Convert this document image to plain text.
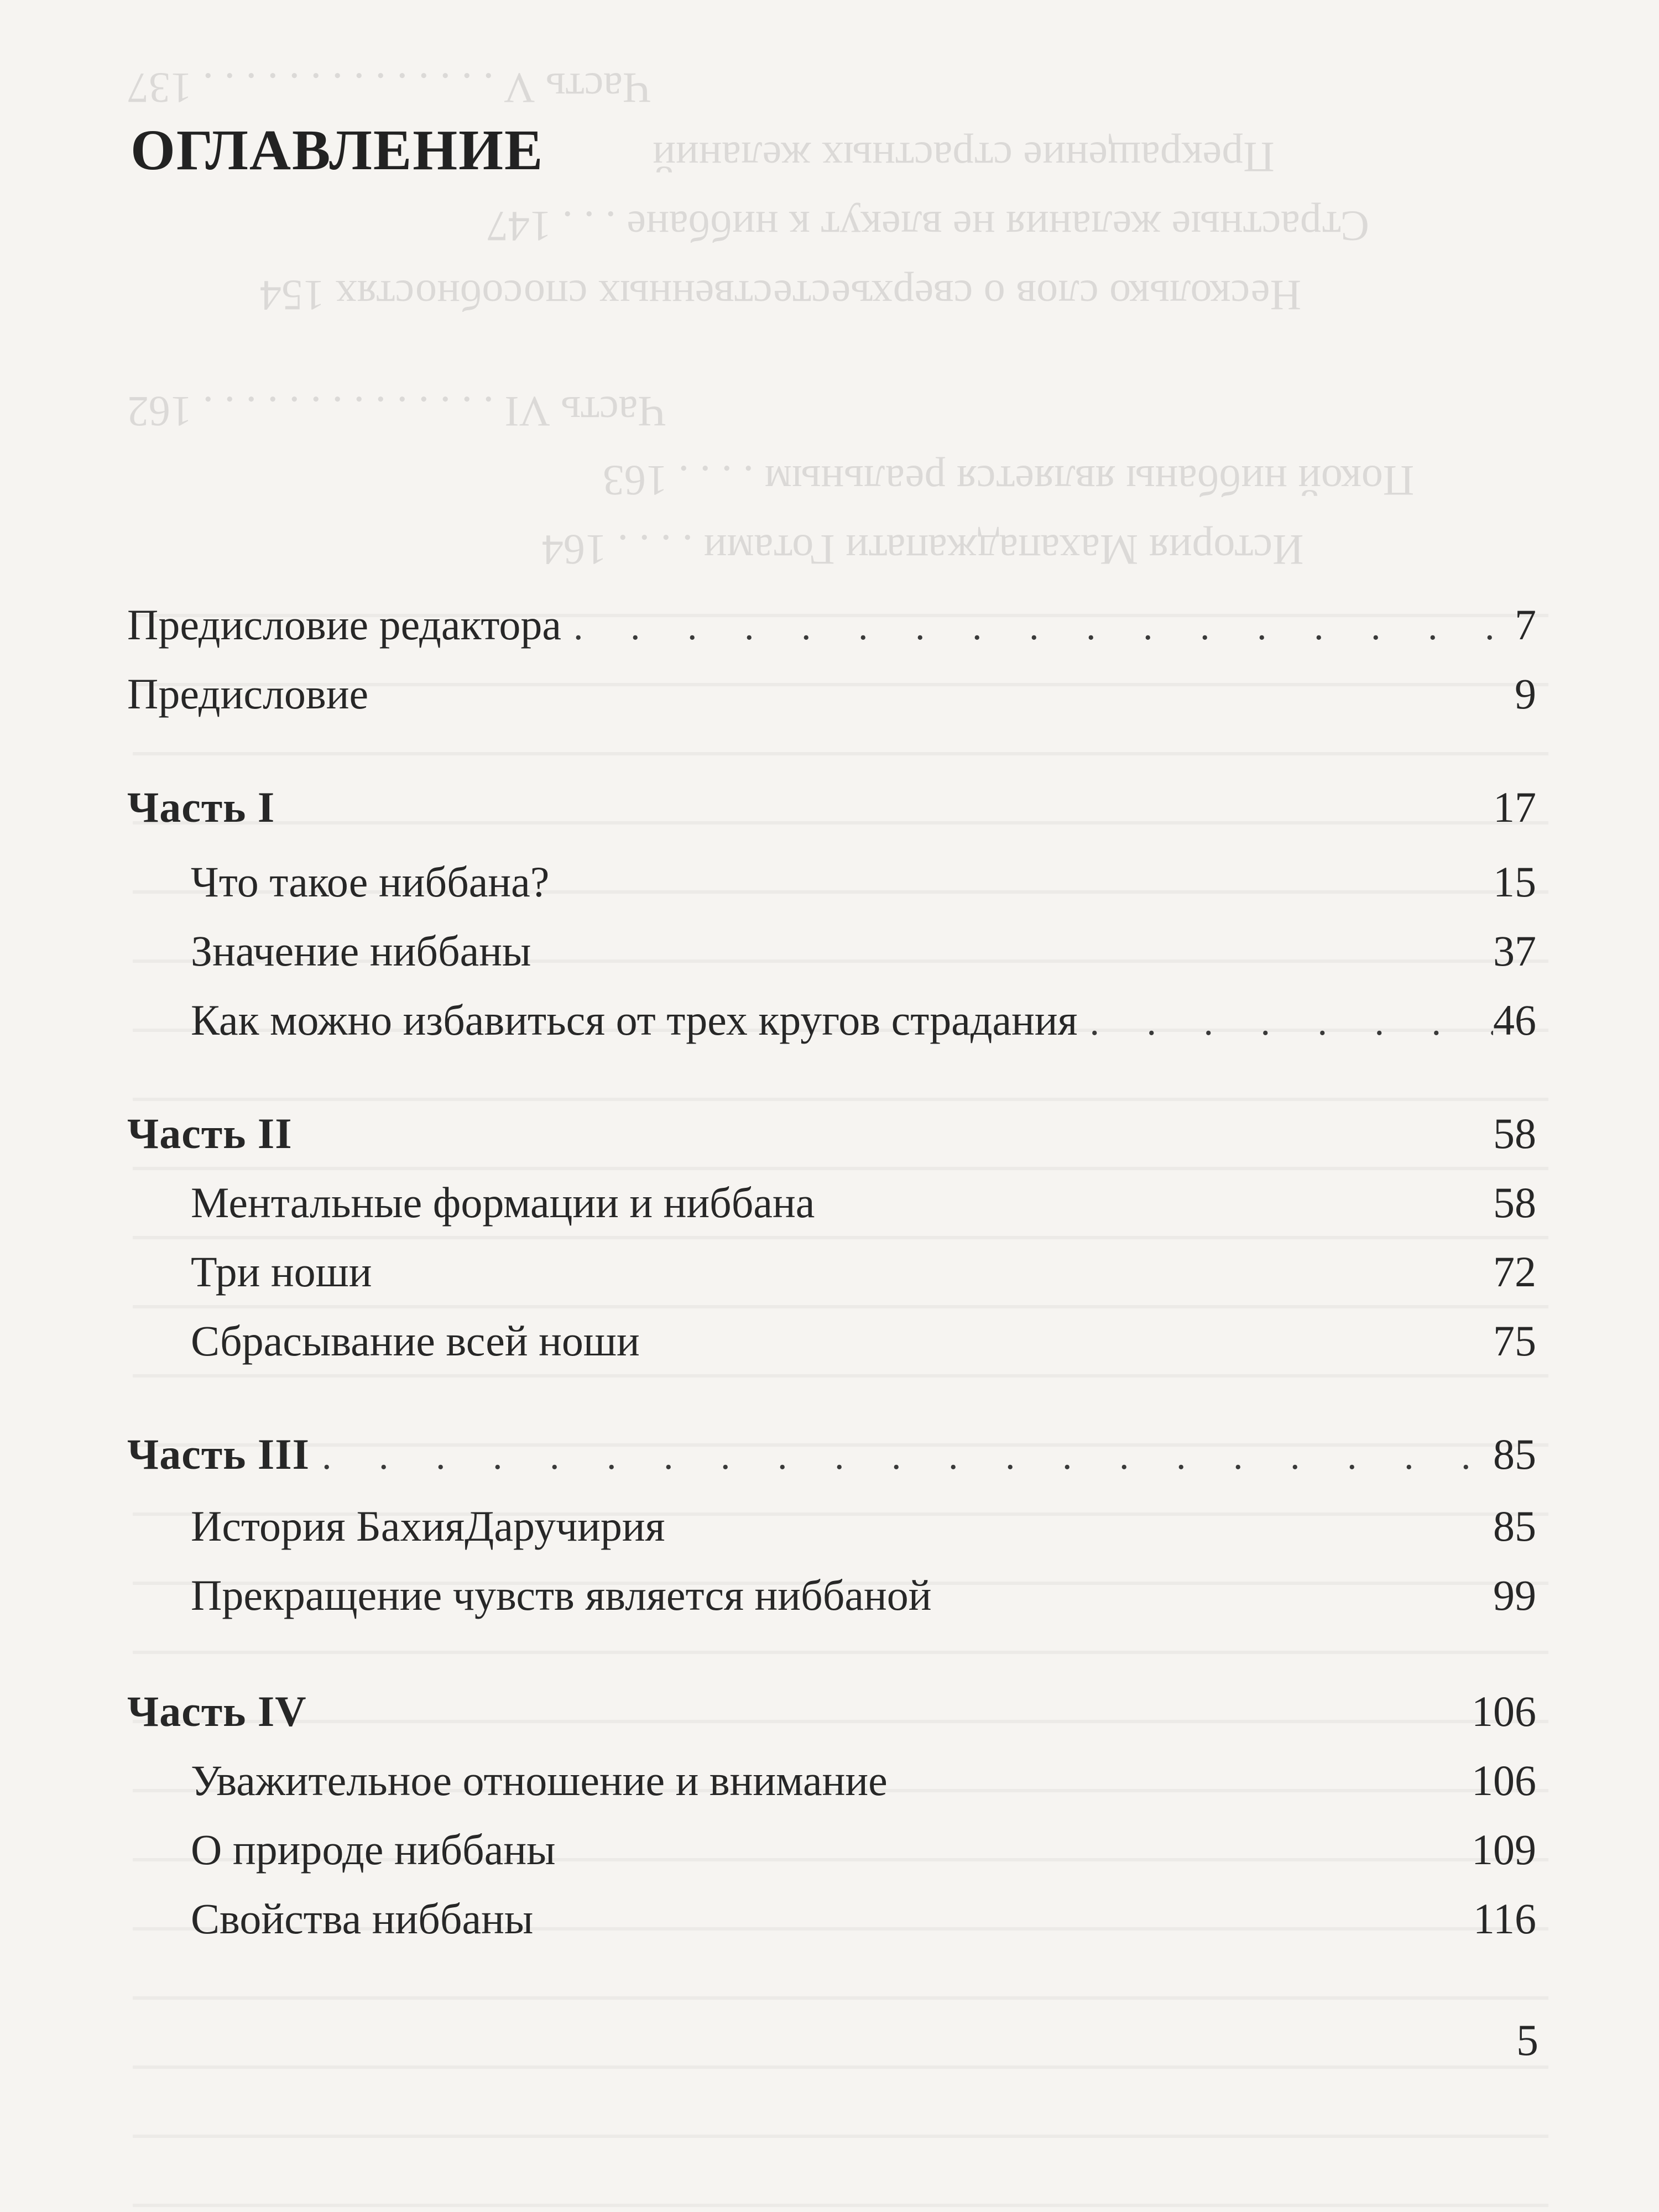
Часть V . . . . . . . . . . . . . . 137
Прекращение страстных желаний
Страстные желания не влекут к ниббане . . . 147
Несколько слов о сверхъестественных способностях 154
Часть VI . . . . . . . . . . . . . . 162
Покой ниббаны является реальным . . . . 163
История Махападжапати Готами . . . . 164
ОГЛАВЛЕНИЕ
Предисловие редактора . . .	7
Предисловие	9
Часть I	17
Что такое ниббана?	15
Значение ниббаны	37
Как можно избавиться от трех кругов страдания . . .	46
Часть II	58
Ментальные формации и ниббана	58
Три ноши	72
Сбрасывание всей ноши	75
Часть III . . .	85
История БахияДаручирия	85
Прекращение чувств является ниббаной	99
Часть IV	106
Уважительное отношение и внимание	106
О природе ниббаны	109
Свойства ниббаны	116
5
